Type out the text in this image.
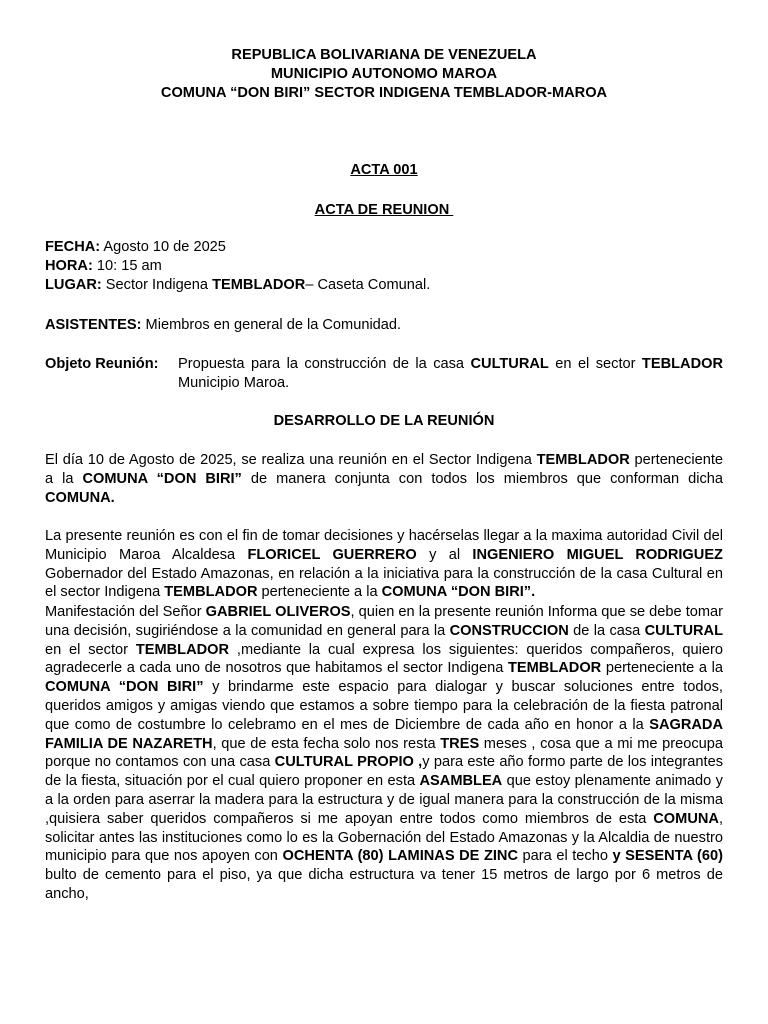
REPUBLICA BOLIVARIANA DE VENEZUELA
MUNICIPIO AUTONOMO MAROA
COMUNA “DON BIRI” SECTOR INDIGENA TEMBLADOR-MAROA
ACTA 001
ACTA DE REUNION
FECHA: Agosto 10 de 2025
HORA: 10: 15 am
LUGAR: Sector Indigena TEMBLADOR– Caseta Comunal.
ASISTENTES: Miembros en general de la Comunidad.
Objeto Reunión:	Propuesta para la construcción de la casa CULTURAL en el sector TEBLADOR Municipio Maroa.
DESARROLLO DE LA REUNIÓN
El día 10 de Agosto de 2025, se realiza una reunión en el Sector Indigena TEMBLADOR perteneciente a la COMUNA “DON BIRI” de manera conjunta con todos los miembros que conforman dicha COMUNA.
La presente reunión es con el fin de tomar decisiones y hacérselas llegar a la maxima autoridad Civil del Municipio Maroa Alcaldesa FLORICEL GUERRERO y al INGENIERO MIGUEL RODRIGUEZ Gobernador del Estado Amazonas, en relación a la iniciativa para la construcción de la casa Cultural en el sector Indigena TEMBLADOR perteneciente a la COMUNA “DON BIRI”.
Manifestación del Señor GABRIEL OLIVEROS, quien en la presente reunión Informa que se debe tomar una decisión, sugiriéndose a la comunidad en general para la CONSTRUCCION de la casa CULTURAL en el sector TEMBLADOR ,mediante la cual expresa los siguientes: queridos compañeros, quiero agradecerle a cada uno de nosotros que habitamos el sector Indigena TEMBLADOR perteneciente a la COMUNA “DON BIRI” y brindarme este espacio para dialogar y buscar soluciones entre todos, queridos amigos y amigas viendo que estamos a sobre tiempo para la celebración de la fiesta patronal que como de costumbre lo celebramo en el mes de Diciembre de cada año en honor a la SAGRADA FAMILIA DE NAZARETH, que de esta fecha solo nos resta TRES meses , cosa que a mi me preocupa porque no contamos con una casa CULTURAL PROPIO ,y para este año formo parte de los integrantes de la fiesta, situación por el cual quiero proponer en esta ASAMBLEA que estoy plenamente animado y a la orden para aserrar la madera para la estructura y de igual manera para la construcción de la misma ,quisiera saber queridos compañeros si me apoyan entre todos como miembros de esta COMUNA, solicitar antes las instituciones como lo es la Gobernación del Estado Amazonas y la Alcaldia de nuestro municipio para que nos apoyen con OCHENTA (80) LAMINAS DE ZINC para el techo y SESENTA (60) bulto de cemento para el piso, ya que dicha estructura va tener 15 metros de largo por 6 metros de ancho,
